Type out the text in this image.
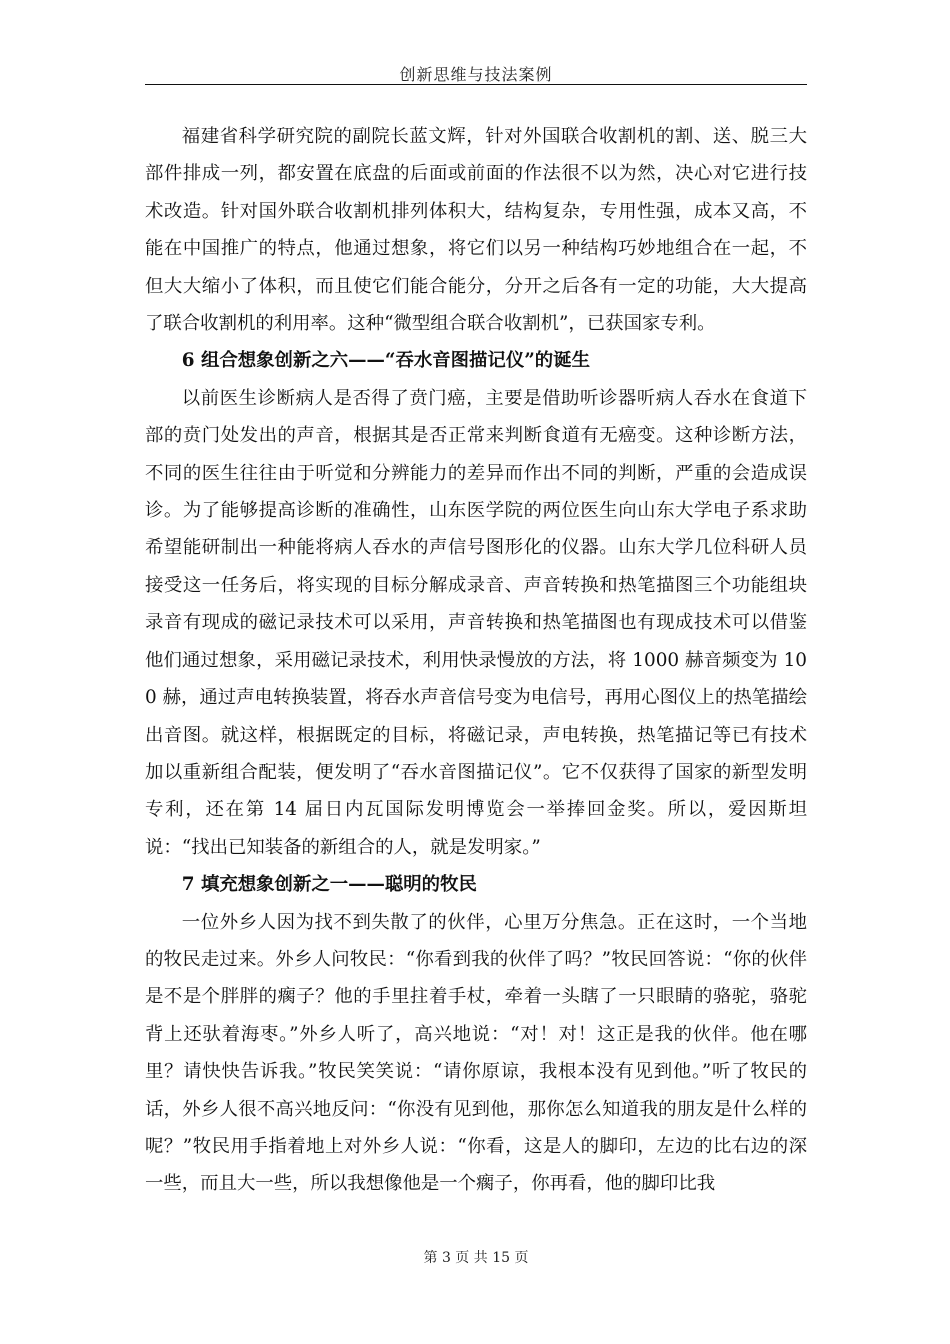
创新思维与技法案例

福建省科学研究院的副院长蓝文辉，针对外国联合收割机的割、送、脱三大部件排成一列，都安置在底盘的后面或前面的作法很不以为然，决心对它进行技术改造。针对国外联合收割机排列体积大，结构复杂，专用性强，成本又高，不能在中国推广的特点，他通过想象，将它们以另一种结构巧妙地组合在一起，不但大大缩小了体积，而且使它们能合能分，分开之后各有一定的功能，大大提高了联合收割机的利用率。这种“微型组合联合收割机”，已获国家专利。

6 组合想象创新之六——“吞水音图描记仪”的诞生

以前医生诊断病人是否得了贲门癌，主要是借助听诊器听病人吞水在食道下部的贲门处发出的声音，根据其是否正常来判断食道有无癌变。这种诊断方法，不同的医生往往由于听觉和分辨能力的差异而作出不同的判断，严重的会造成误诊。为了能够提高诊断的准确性，山东医学院的两位医生向山东大学电子系求助希望能研制出一种能将病人吞水的声信号图形化的仪器。山东大学几位科研人员接受这一任务后，将实现的目标分解成录音、声音转换和热笔描图三个功能组块录音有现成的磁记录技术可以采用，声音转换和热笔描图也有现成技术可以借鉴他们通过想象，采用磁记录技术，利用快录慢放的方法，将 1000 赫音频变为 100 赫，通过声电转换装置，将吞水声音信号变为电信号，再用心图仪上的热笔描绘出音图。就这样，根据既定的目标，将磁记录，声电转换，热笔描记等已有技术加以重新组合配装，便发明了“吞水音图描记仪”。它不仅获得了国家的新型发明专利，还在第 14 届日内瓦国际发明博览会一举捧回金奖。所以，爱因斯坦说：“找出已知装备的新组合的人，就是发明家。”

7 填充想象创新之一——聪明的牧民

一位外乡人因为找不到失散了的伙伴，心里万分焦急。正在这时，一个当地的牧民走过来。外乡人问牧民：“你看到我的伙伴了吗？”牧民回答说：“你的伙伴是不是个胖胖的瘸子？他的手里拄着手杖，牵着一头瞎了一只眼睛的骆驼，骆驼背上还驮着海枣。”外乡人听了，高兴地说：“对！对！这正是我的伙伴。他在哪里？请快快告诉我。”牧民笑笑说：“请你原谅，我根本没有见到他。”听了牧民的话，外乡人很不高兴地反问：“你没有见到他，那你怎么知道我的朋友是什么样的呢？”牧民用手指着地上对外乡人说：“你看，这是人的脚印，左边的比右边的深一些，而且大一些，所以我想像他是一个瘸子，你再看，他的脚印比我

第 3 页 共 15 页
